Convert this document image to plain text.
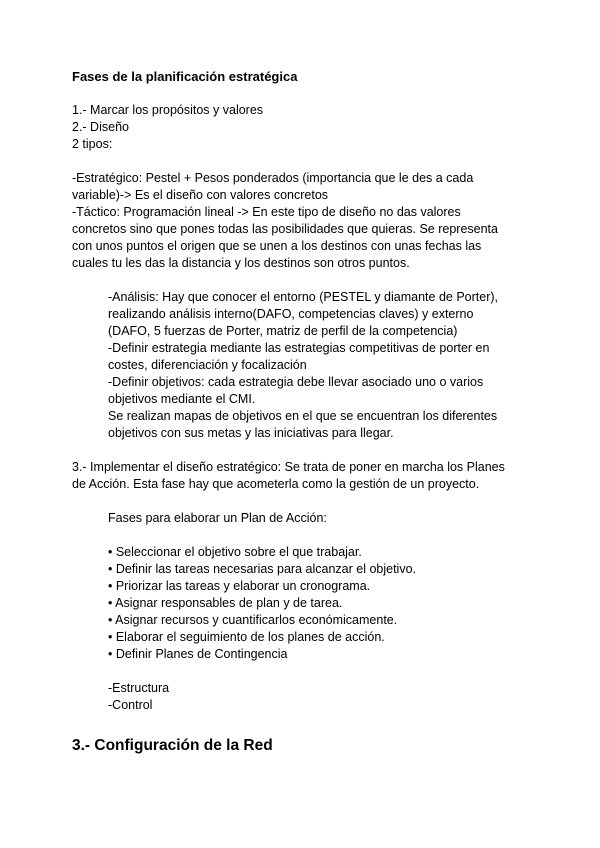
Fases de la planificación estratégica

1.- Marcar los propósitos y valores

2.- Diseño

2 tipos:

-Estratégico: Pestel + Pesos ponderados (importancia que le des a cada

variable)-> Es el diseño con valores concretos

-Táctico: Programación lineal -> En este tipo de diseño no das valores

concretos sino que pones todas las posibilidades que quieras. Se representa

con unos puntos el origen que se unen a los destinos con unas fechas las

cuales tu les das la distancia y los destinos son otros puntos.

-Análisis: Hay que conocer el entorno (PESTEL y diamante de Porter),

realizando análisis interno(DAFO, competencias claves) y externo

(DAFO, 5 fuerzas de Porter, matriz de perfil de la competencia)

-Definir estrategia mediante las estrategias competitivas de porter en

costes, diferenciación y focalización

-Definir objetivos: cada estrategia debe llevar asociado uno o varios

objetivos mediante el CMI.

Se realizan mapas de objetivos en el que se encuentran los diferentes

objetivos con sus metas y las iniciativas para llegar.

3.- Implementar el diseño estratégico: Se trata de poner en marcha los Planes

de Acción. Esta fase hay que acometerla como la gestión de un proyecto.

Fases para elaborar un Plan de Acción:

• Seleccionar el objetivo sobre el que trabajar.

• Definir las tareas necesarias para alcanzar el objetivo.

• Priorizar las tareas y elaborar un cronograma.

• Asignar responsables de plan y de tarea.

• Asignar recursos y cuantificarlos económicamente.

• Elaborar el seguimiento de los planes de acción.

• Definir Planes de Contingencia

-Estructura

-Control

3.- Configuración de la Red
